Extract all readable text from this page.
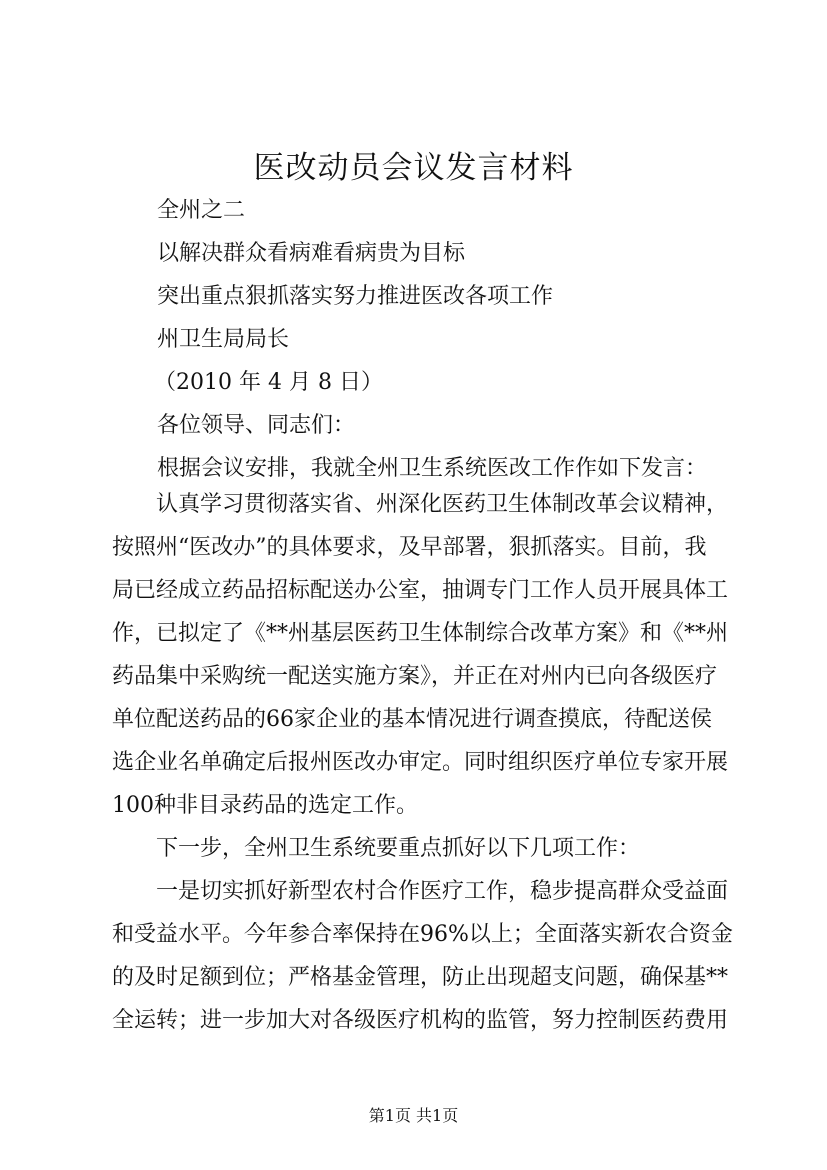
医改动员会议发言材料
全州之二
以解决群众看病难看病贵为目标
突出重点狠抓落实努力推进医改各项工作
州卫生局局长
（2010 年 4 月 8 日）
各位领导、同志们：
根据会议安排，我就全州卫生系统医改工作作如下发言：
　　认真学习贯彻落实省、州深化医药卫生体制改革会议精神，
按照州“医改办”的具体要求，及早部署，狠抓落实。目前，我
局已经成立药品招标配送办公室，抽调专门工作人员开展具体工
作，已拟定了《**州基层医药卫生体制综合改革方案》和《**州
药品集中采购统一配送实施方案》，并正在对州内已向各级医疗
单位配送药品的66家企业的基本情况进行调查摸底，待配送侯
选企业名单确定后报州医改办审定。同时组织医疗单位专家开展
100种非目录药品的选定工作。
　　下一步，全州卫生系统要重点抓好以下几项工作：
　　一是切实抓好新型农村合作医疗工作，稳步提高群众受益面
和受益水平。今年参合率保持在96%以上；全面落实新农合资金
的及时足额到位；严格基金管理，防止出现超支问题，确保基**
全运转；进一步加大对各级医疗机构的监管，努力控制医药费用
第1页 共1页
